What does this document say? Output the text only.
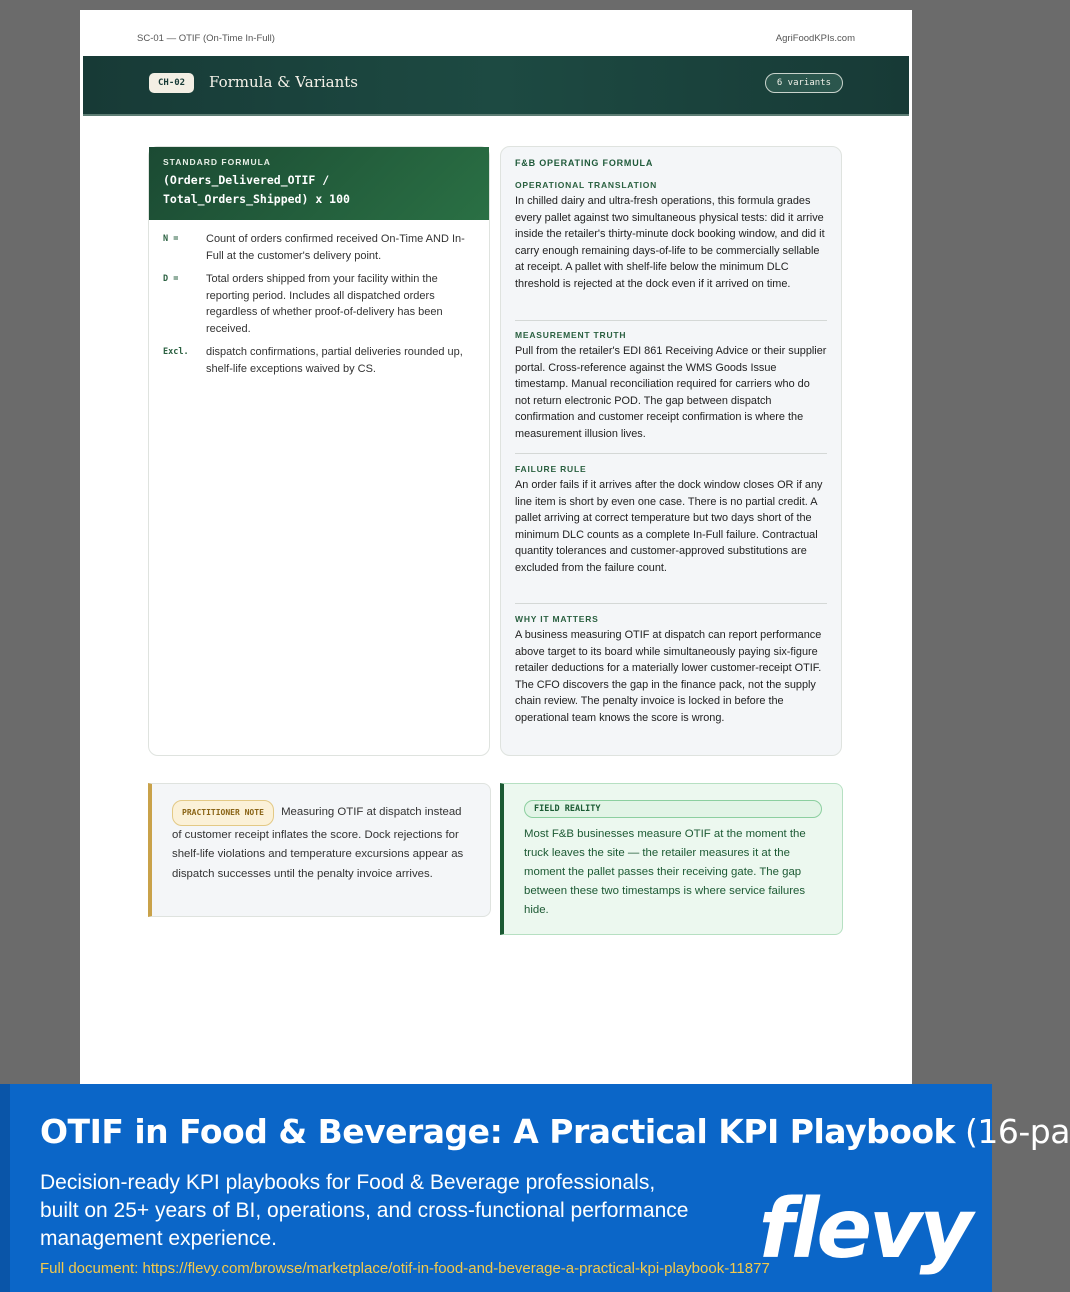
SC-01 — OTIF (On-Time In-Full)	AgriFoodKPIs.com
CH-02	Formula & Variants	6 variants
STANDARD FORMULA
(Orders_Delivered_OTIF /
Total_Orders_Shipped) x 100
N =	Count of orders confirmed received On-Time AND In-Full at the customer's delivery point.
D =	Total orders shipped from your facility within the reporting period. Includes all dispatched orders regardless of whether proof-of-delivery has been received.
Excl.	dispatch confirmations, partial deliveries rounded up, shelf-life exceptions waived by CS.
F&B OPERATING FORMULA
OPERATIONAL TRANSLATION
In chilled dairy and ultra-fresh operations, this formula grades every pallet against two simultaneous physical tests: did it arrive inside the retailer's thirty-minute dock booking window, and did it carry enough remaining days-of-life to be commercially sellable at receipt. A pallet with shelf-life below the minimum DLC threshold is rejected at the dock even if it arrived on time.
MEASUREMENT TRUTH
Pull from the retailer's EDI 861 Receiving Advice or their supplier portal. Cross-reference against the WMS Goods Issue timestamp. Manual reconciliation required for carriers who do not return electronic POD. The gap between dispatch confirmation and customer receipt confirmation is where the measurement illusion lives.
FAILURE RULE
An order fails if it arrives after the dock window closes OR if any line item is short by even one case. There is no partial credit. A pallet arriving at correct temperature but two days short of the minimum DLC counts as a complete In-Full failure. Contractual quantity tolerances and customer-approved substitutions are excluded from the failure count.
WHY IT MATTERS
A business measuring OTIF at dispatch can report performance above target to its board while simultaneously paying six-figure retailer deductions for a materially lower customer-receipt OTIF. The CFO discovers the gap in the finance pack, not the supply chain review. The penalty invoice is locked in before the operational team knows the score is wrong.
PRACTITIONER NOTE Measuring OTIF at dispatch instead of customer receipt inflates the score. Dock rejections for shelf-life violations and temperature excursions appear as dispatch successes until the penalty invoice arrives.
FIELD REALITY
Most F&B businesses measure OTIF at the moment the truck leaves the site — the retailer measures it at the moment the pallet passes their receiving gate. The gap between these two timestamps is where service failures hide.
OTIF in Food & Beverage: A Practical KPI Playbook (16-pa
Decision-ready KPI playbooks for Food & Beverage professionals, built on 25+ years of BI, operations, and cross-functional performance management experience.
Full document: https://flevy.com/browse/marketplace/otif-in-food-and-beverage-a-practical-kpi-playbook-11877
flevy
